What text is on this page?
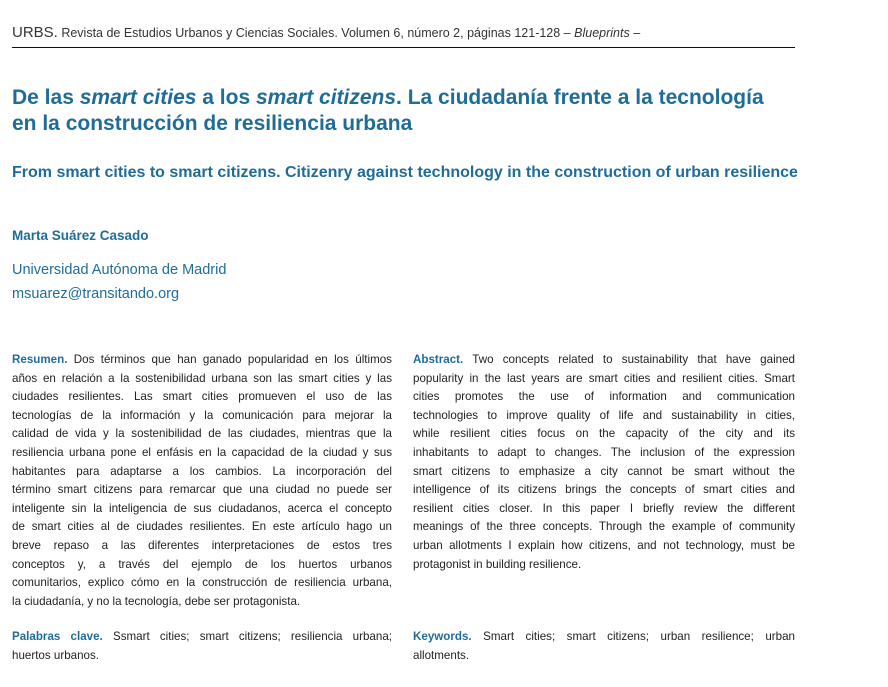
URBS. Revista de Estudios Urbanos y Ciencias Sociales. Volumen 6, número 2, páginas 121-128 – Blueprints –
De las smart cities a los smart citizens. La ciudadanía frente a la tecnología en la construcción de resiliencia urbana
From smart cities to smart citizens. Citizenry against technology in the construction of urban resilience
Marta Suárez Casado
Universidad Autónoma de Madrid
msuarez@transitando.org
Resumen. Dos términos que han ganado popularidad en los últimos
años en relación a la sostenibilidad urbana son las smart cities y las
ciudades resilientes. Las smart cities promueven el uso de las
tecnologías de la información y la comunicación para mejorar la
calidad de vida y la sostenibilidad de las ciudades, mientras que la
resiliencia urbana pone el enfásis en la capacidad de la ciudad y sus
habitantes para adaptarse a los cambios. La incorporación del
término smart citizens para remarcar que una ciudad no puede ser
inteligente sin la inteligencia de sus ciudadanos, acerca el concepto
de smart cities al de ciudades resilientes. En este artículo hago un
breve repaso a las diferentes interpretaciones de estos tres
conceptos y, a través del ejemplo de los huertos urbanos
comunitarios, explico cómo en la construcción de resiliencia urbana,
la ciudadanía, y no la tecnología, debe ser protagonista.
Abstract. Two concepts related to sustainability that have gained
popularity in the last years are smart cities and resilient cities. Smart
cities promotes the use of information and communication
technologies to improve quality of life and sustainability in cities,
while resilient cities focus on the capacity of the city and its
inhabitants to adapt to changes. The inclusion of the expression
smart citizens to emphasize a city cannot be smart without the
intelligence of its citizens brings the concepts of smart cities and
resilient cities closer. In this paper I briefly review the different
meanings of the three concepts. Through the example of community
urban allotments I explain how citizens, and not technology, must be
protagonist in building resilience.
Palabras clave. Ssmart cities; smart citizens; resiliencia urbana;
huertos urbanos.
Keywords. Smart cities; smart citizens; urban resilience; urban
allotments.
